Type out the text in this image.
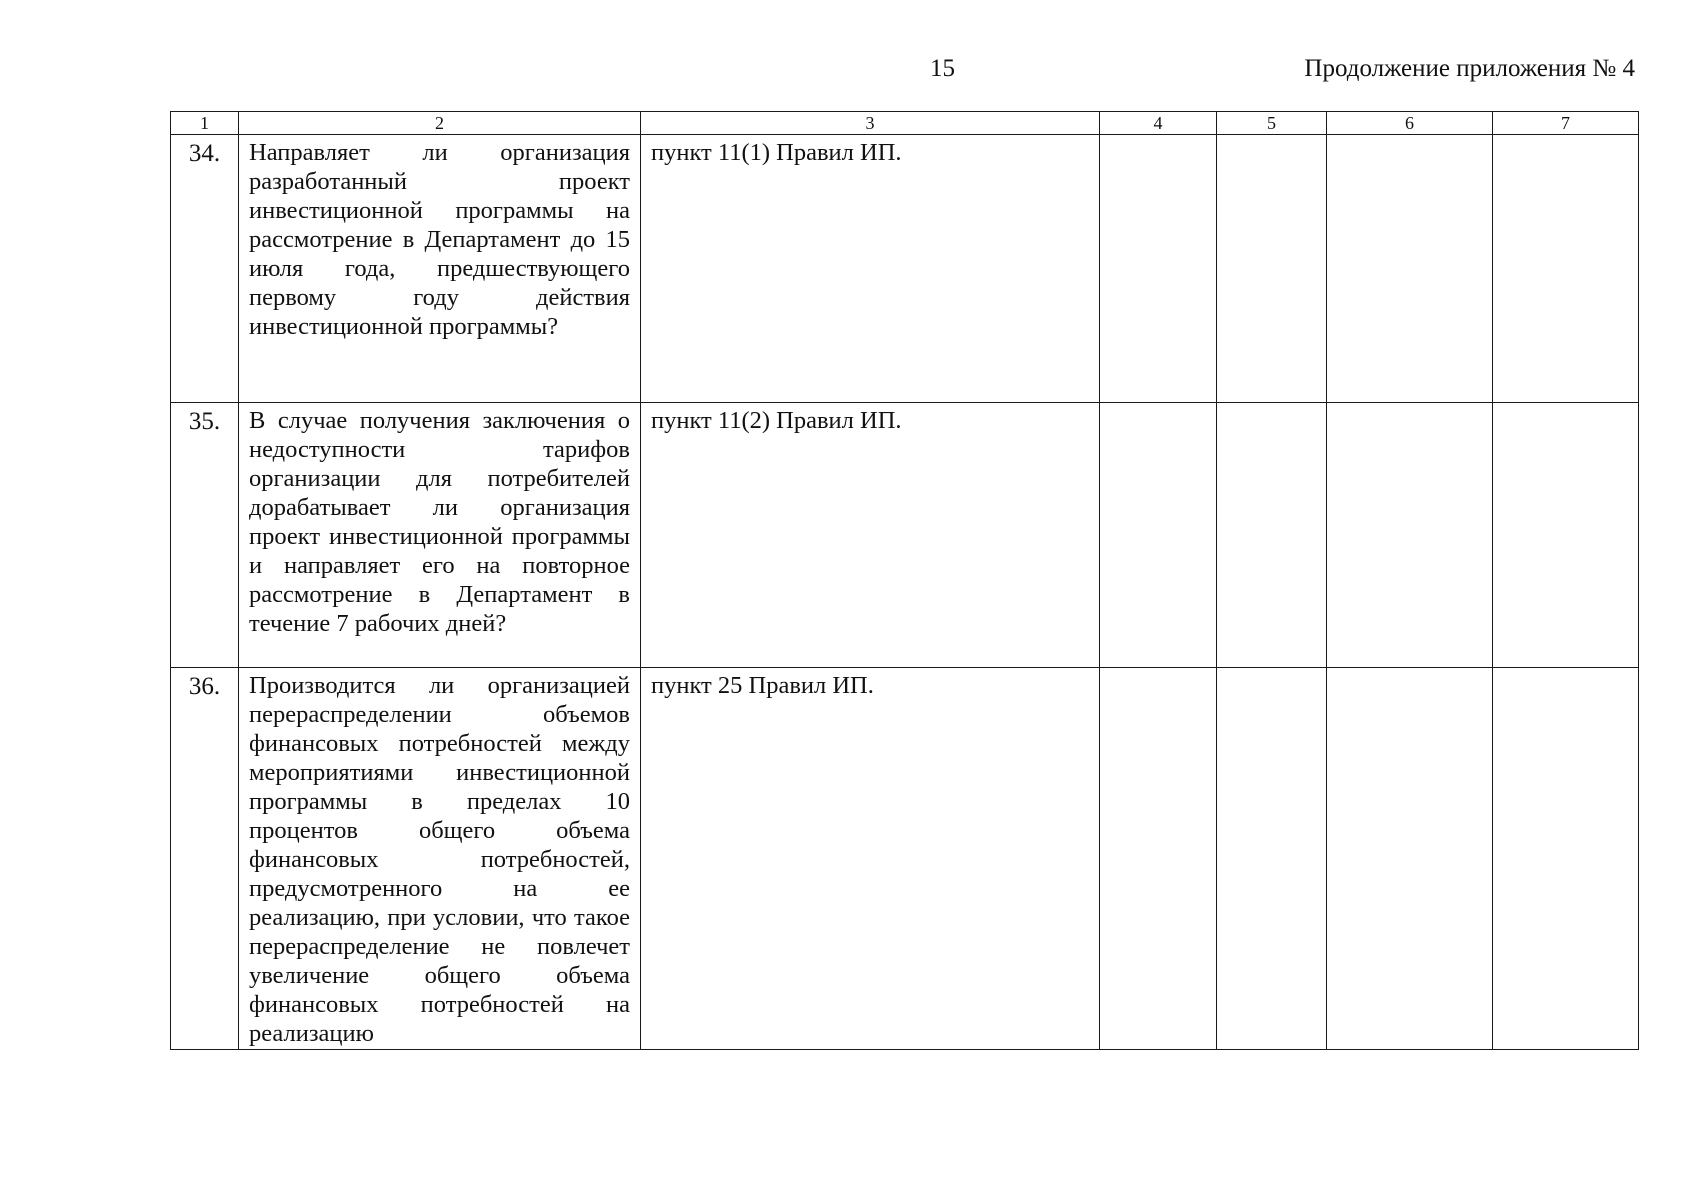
15	Продолжение приложения № 4
1	2	3	4	5	6	7
34.	Направляет ли организация разработанный проект инвестиционной программы на рассмотрение в Департамент до 15 июля года, предшествующего первому году действия инвестиционной программы?	пункт 11(1) Правил ИП.				
35.	В случае получения заключения о недоступности тарифов организации для потребителей дорабатывает ли организация проект инвестиционной программы и направляет его на повторное рассмотрение в Департамент в течение 7 рабочих дней?	пункт 11(2) Правил ИП.				
36.	Производится ли организацией перераспределении объемов финансовых потребностей между мероприятиями инвестиционной программы в пределах 10 процентов общего объема финансовых потребностей, предусмотренного на ее реализацию, при условии, что такое перераспределение не повлечет увеличение общего объема финансовых потребностей на реализацию	пункт 25 Правил ИП.				
